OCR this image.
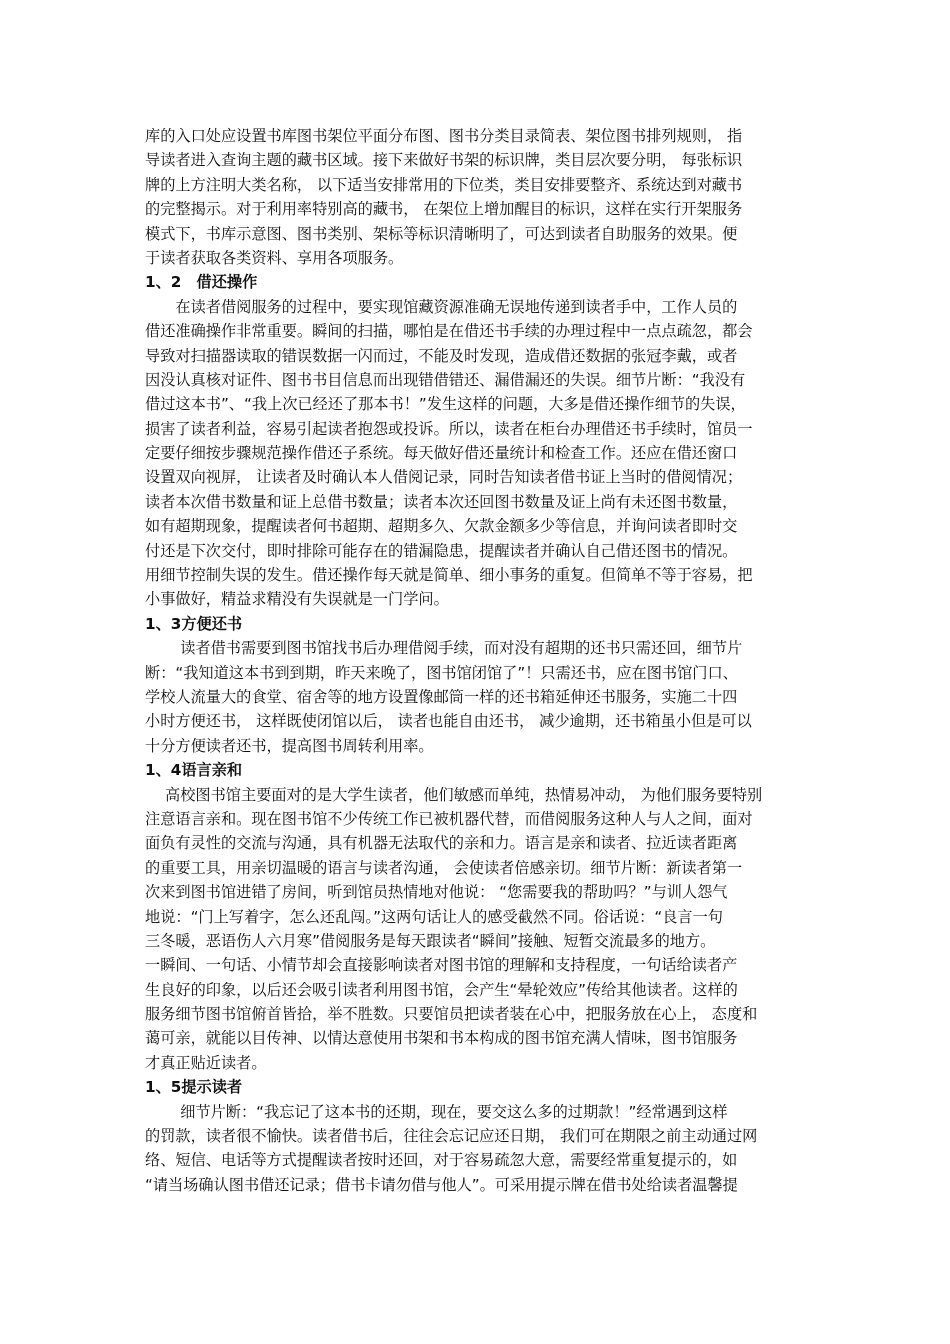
库的入口处应设置书库图书架位平面分布图、图书分类目录简表、架位图书排列规则， 指
导读者进入查询主题的藏书区域。接下来做好书架的标识牌，类目层次要分明， 每张标识
牌的上方注明大类名称， 以下适当安排常用的下位类，类目安排要整齐、系统达到对藏书
的完整揭示。对于利用率特别高的藏书， 在架位上增加醒目的标识，这样在实行开架服务
模式下，书库示意图、图书类别、架标等标识清晰明了，可达到读者自助服务的效果。便
于读者获取各类资料、享用各项服务。
1、2　借还操作
　　在读者借阅服务的过程中，要实现馆藏资源准确无误地传递到读者手中，工作人员的
借还准确操作非常重要。瞬间的扫描，哪怕是在借还书手续的办理过程中一点点疏忽，都会
导致对扫描器读取的错误数据一闪而过，不能及时发现，造成借还数据的张冠李戴，或者
因没认真核对证件、图书书目信息而出现错借错还、漏借漏还的失误。细节片断：“我没有
借过这本书”、“我上次已经还了那本书！”发生这样的问题，大多是借还操作细节的失误，
损害了读者利益，容易引起读者抱怨或投诉。所以，读者在柜台办理借还书手续时，馆员一
定要仔细按步骤规范操作借还子系统。每天做好借还量统计和检查工作。还应在借还窗口
设置双向视屏， 让读者及时确认本人借阅记录，同时告知读者借书证上当时的借阅情况；
读者本次借书数量和证上总借书数量；读者本次还回图书数量及证上尚有未还图书数量，
如有超期现象，提醒读者何书超期、超期多久、欠款金额多少等信息，并询问读者即时交
付还是下次交付，即时排除可能存在的错漏隐患，提醒读者并确认自己借还图书的情况。
用细节控制失误的发生。借还操作每天就是简单、细小事务的重复。但简单不等于容易，把
小事做好，精益求精没有失误就是一门学问。
1、3方便还书
　　 读者借书需要到图书馆找书后办理借阅手续，而对没有超期的还书只需还回，细节片
断：“我知道这本书到到期，昨天来晚了，图书馆闭馆了”！只需还书，应在图书馆门口、
学校人流量大的食堂、宿舍等的地方设置像邮筒一样的还书箱延伸还书服务，实施二十四
小时方便还书， 这样既使闭馆以后， 读者也能自由还书， 减少逾期，还书箱虽小但是可以
十分方便读者还书，提高图书周转利用率。
1、4语言亲和
　 高校图书馆主要面对的是大学生读者，他们敏感而单纯，热情易冲动， 为他们服务要特别
注意语言亲和。现在图书馆不少传统工作已被机器代替，而借阅服务这种人与人之间，面对
面负有灵性的交流与沟通，具有机器无法取代的亲和力。语言是亲和读者、拉近读者距离
的重要工具，用亲切温暖的语言与读者沟通， 会使读者倍感亲切。细节片断：新读者第一
次来到图书馆进错了房间，听到馆员热情地对他说： “您需要我的帮助吗？”与训人怨气
地说：“门上写着字，怎么还乱闯。”这两句话让人的感受截然不同。俗话说：“良言一句
三冬暖，恶语伤人六月寒”借阅服务是每天跟读者“瞬间”接触、短暂交流最多的地方。
一瞬间、一句话、小情节却会直接影响读者对图书馆的理解和支持程度，一句话给读者产
生良好的印象，以后还会吸引读者利用图书馆，会产生“晕轮效应”传给其他读者。这样的
服务细节图书馆俯首皆拾，举不胜数。只要馆员把读者装在心中，把服务放在心上， 态度和
蔼可亲，就能以目传神、以情达意使用书架和书本构成的图书馆充满人情味，图书馆服务
才真正贴近读者。
1、5提示读者
　　 细节片断：“我忘记了这本书的还期，现在，要交这么多的过期款！”经常遇到这样
的罚款，读者很不愉快。读者借书后，往往会忘记应还日期， 我们可在期限之前主动通过网
络、短信、电话等方式提醒读者按时还回，对于容易疏忽大意，需要经常重复提示的，如
“请当场确认图书借还记录；借书卡请勿借与他人”。可采用提示牌在借书处给读者温馨提
